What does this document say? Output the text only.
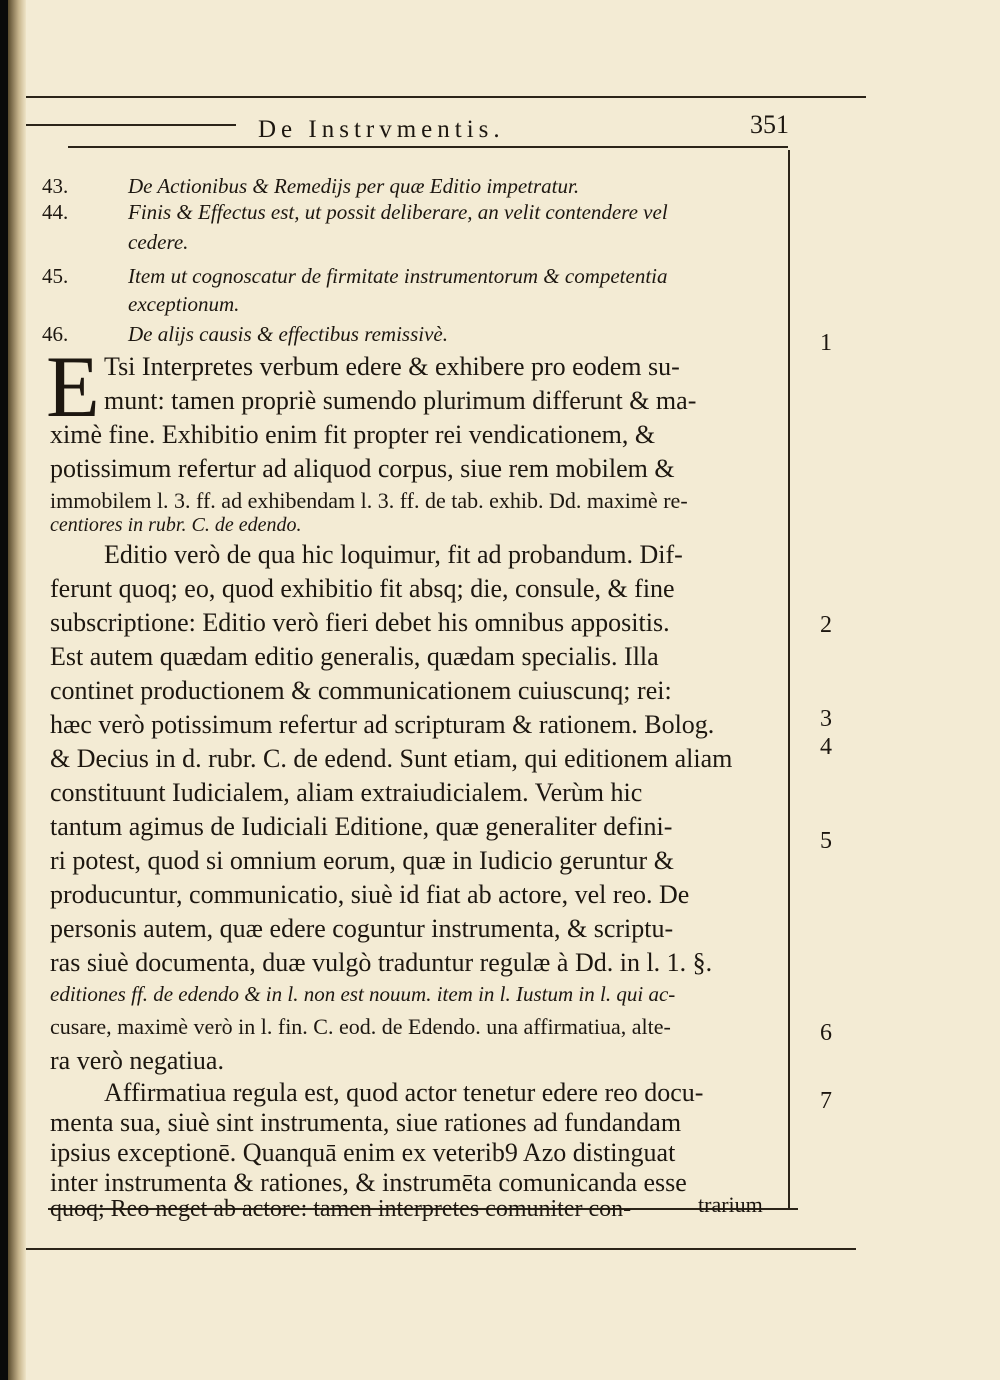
De Instrvmentis.	351
43.	De Actionibus & Remedijs per quæ Editio impetratur.
44.	Finis & Effectus est, ut possit deliberare, an velit contendere vel
cedere.
45.	Item ut cognoscatur de firmitate instrumentorum & competentia
exceptionum.
46.	De alijs causis & effectibus remissivè.
E Tsi Interpretes verbum edere & exhibere pro eodem su-
munt: tamen propriè sumendo plurimum differunt & ma-
ximè fine. Exhibitio enim fit propter rei vendicationem, &
potissimum refertur ad aliquod corpus, siue rem mobilem &
immobilem l. 3. ff. ad exhibendam l. 3. ff. de tab. exhib. Dd. maximè re-
centiores in rubr. C. de edendo.
Editio verò de qua hic loquimur, fit ad probandum. Dif-
ferunt quoq; eo, quod exhibitio fit absq; die, consule, & fine
subscriptione: Editio verò fieri debet his omnibus appositis.
Est autem quædam editio generalis, quædam specialis. Illa
continet productionem & communicationem cuiuscunq; rei:
hæc verò potissimum refertur ad scripturam & rationem. Bolog.
& Decius in d. rubr. C. de edend. Sunt etiam, qui editionem aliam
constituunt Iudicialem, aliam extraiudicialem. Verùm hic
tantum agimus de Iudiciali Editione, quæ generaliter defini-
ri potest, quod si omnium eorum, quæ in Iudicio geruntur &
producuntur, communicatio, siuè id fiat ab actore, vel reo. De
personis autem, quæ edere coguntur instrumenta, & scriptu-
ras siuè documenta, duæ vulgò traduntur regulæ à Dd. in l. 1. §.
editiones ff. de edendo & in l. non est nouum. item in l. Iustum in l. qui ac-
cusare, maximè verò in l. fin. C. eod. de Edendo. una affirmatiua, alte-
ra verò negatiua.
Affirmatiua regula est, quod actor tenetur edere reo docu-
menta sua, siuè sint instrumenta, siue rationes ad fundandam
ipsius exceptionē. Quanquā enim ex veterib9 Azo distinguat
inter instrumenta & rationes, & instrumēta comunicanda esse
quoq; Reo neget ab actore: tamen interpretes comuniter con-
1
2
3
4
5
6
7
trarium
